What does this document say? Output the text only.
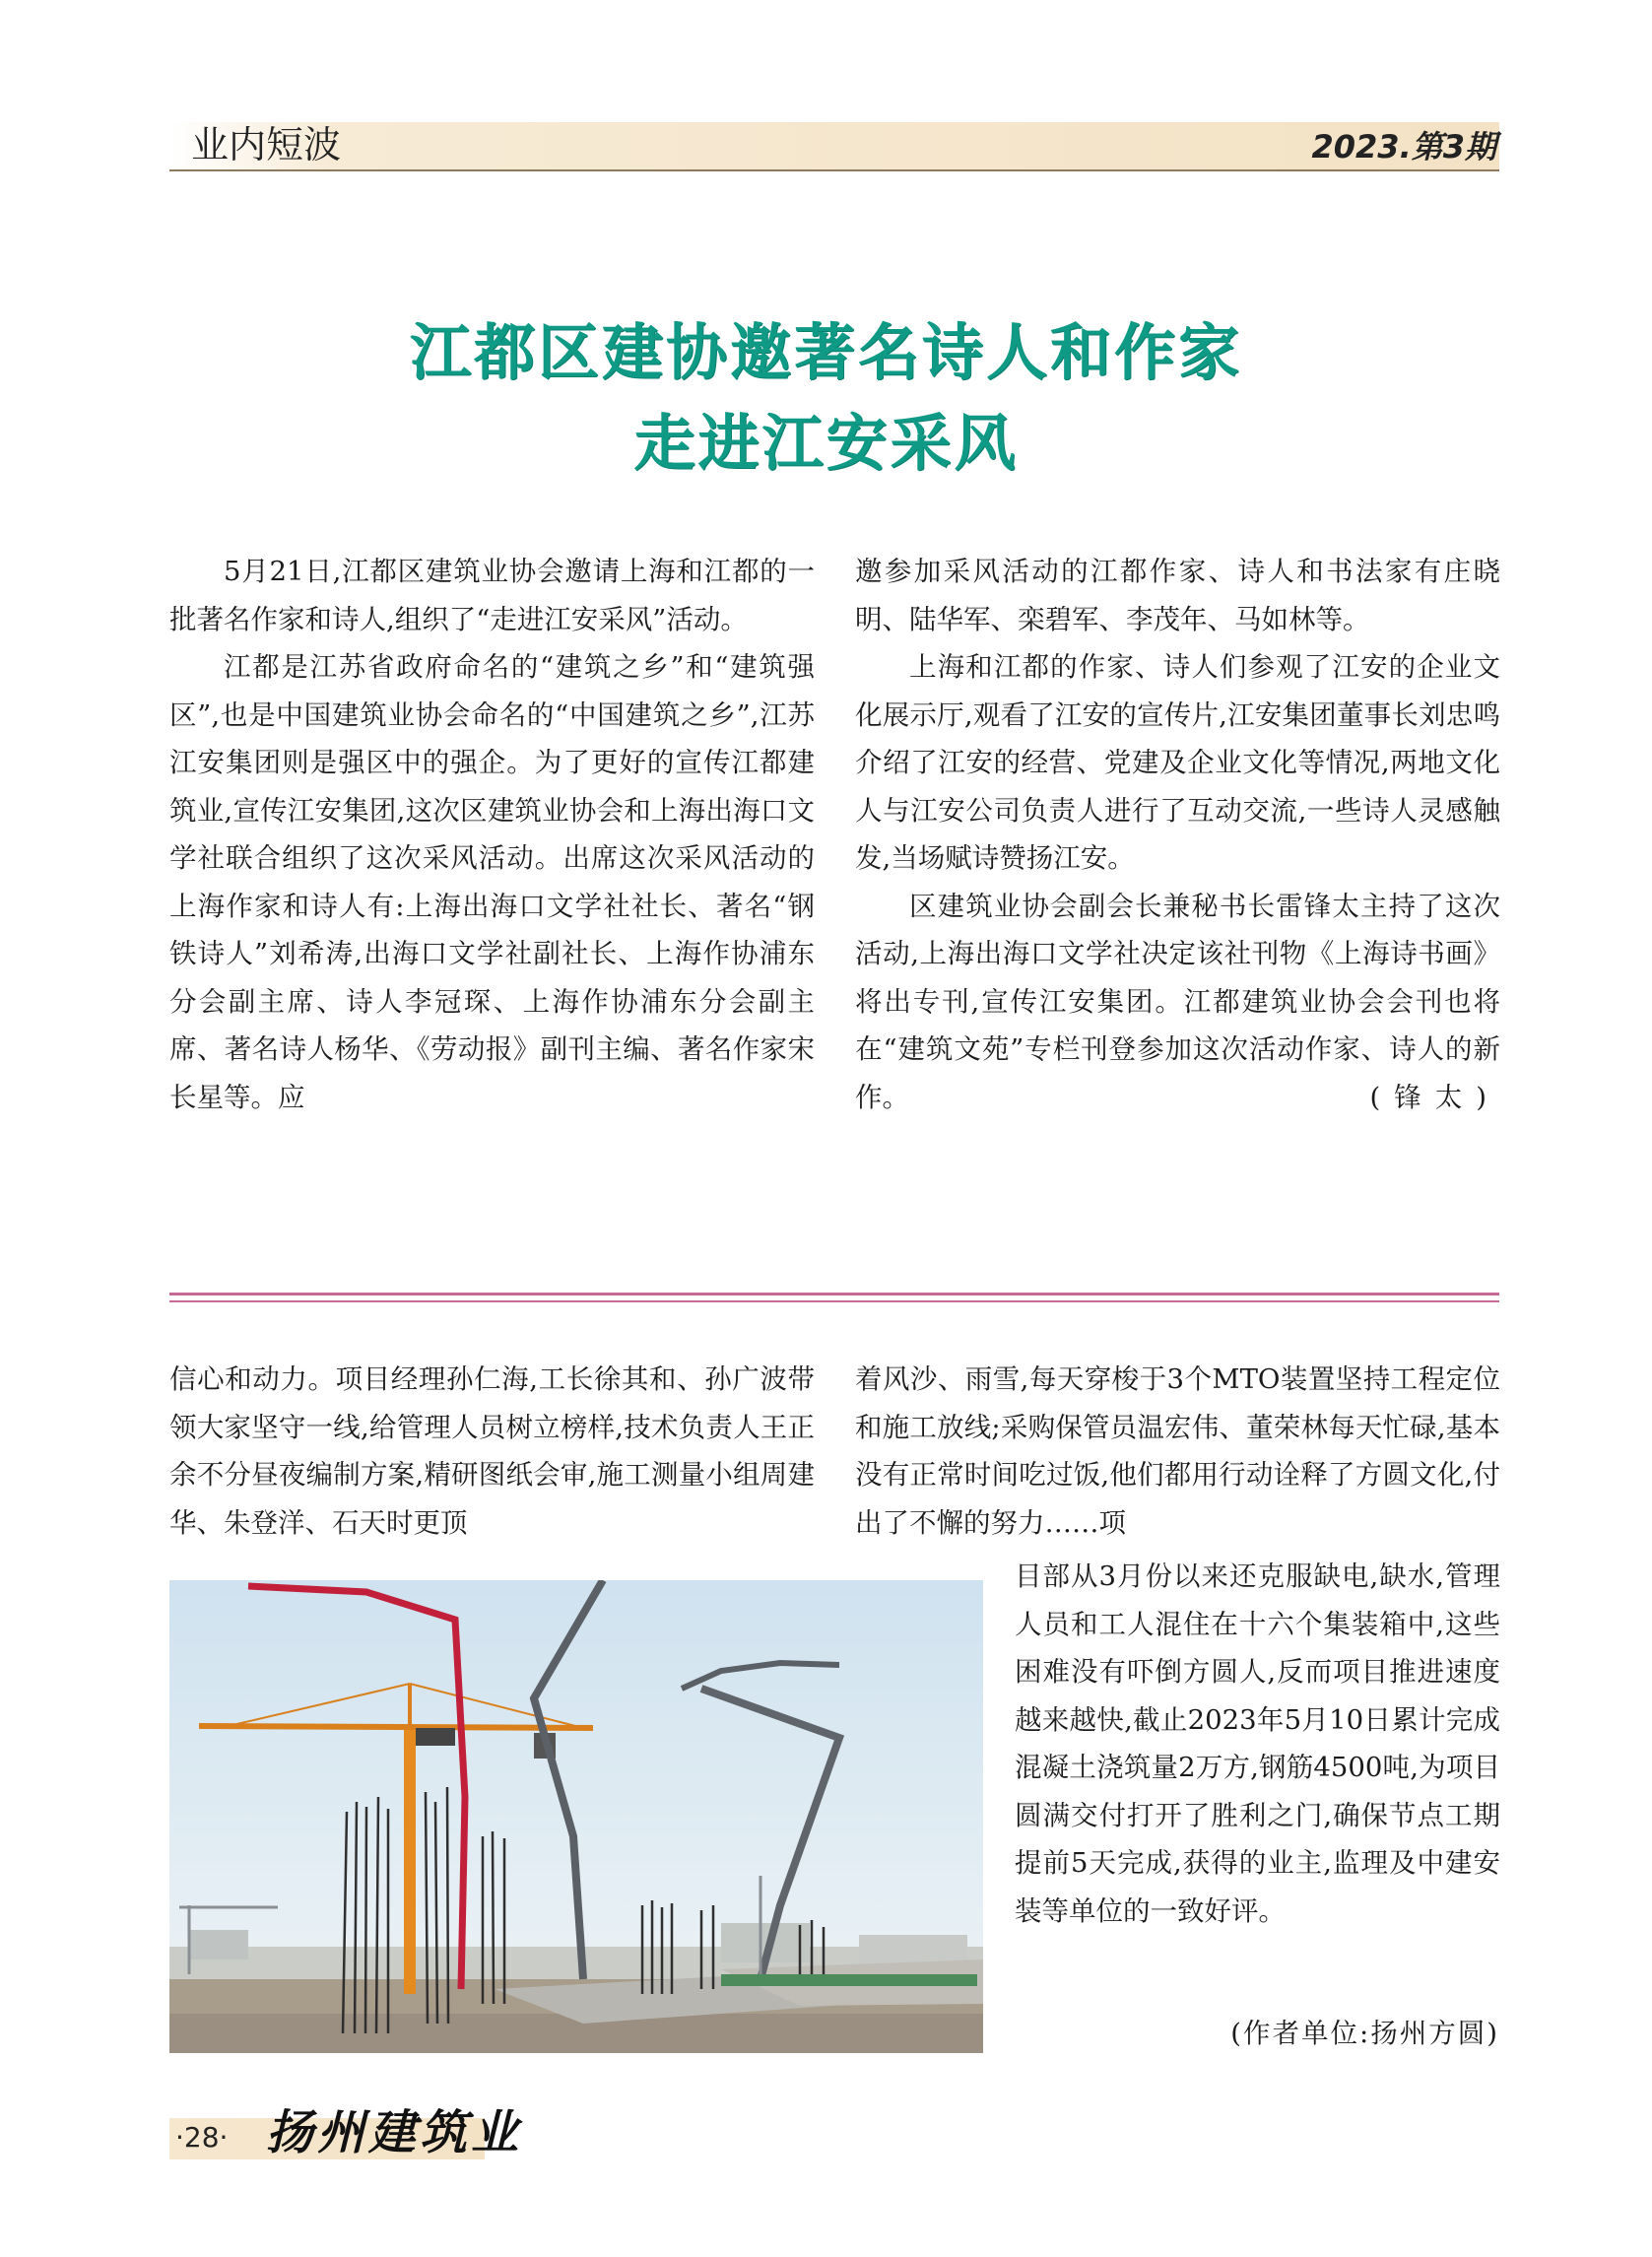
业内短波	2023.第3期
江都区建协邀著名诗人和作家
走进江安采风

5月21日,江都区建筑业协会邀请上海和江都的一批著名作家和诗人,组织了“走进江安采风”活动。

江都是江苏省政府命名的“建筑之乡”和“建筑强区”,也是中国建筑业协会命名的“中国建筑之乡”,江苏江安集团则是强区中的强企。为了更好的宣传江都建筑业,宣传江安集团,这次区建筑业协会和上海出海口文学社联合组织了这次采风活动。出席这次采风活动的上海作家和诗人有:上海出海口文学社社长、著名“钢铁诗人”刘希涛,出海口文学社副社长、上海作协浦东分会副主席、诗人李冠琛、上海作协浦东分会副主席、著名诗人杨华、《劳动报》副刊主编、著名作家宋长星等。应

邀参加采风活动的江都作家、诗人和书法家有庄晓明、陆华军、栾碧军、李茂年、马如林等。

上海和江都的作家、诗人们参观了江安的企业文化展示厅,观看了江安的宣传片,江安集团董事长刘忠鸣介绍了江安的经营、党建及企业文化等情况,两地文化人与江安公司负责人进行了互动交流,一些诗人灵感触发,当场赋诗赞扬江安。

区建筑业协会副会长兼秘书长雷锋太主持了这次活动,上海出海口文学社决定该社刊物《上海诗书画》将出专刊,宣传江安集团。江都建筑业协会会刊也将在“建筑文苑”专栏刊登参加这次活动作家、诗人的新作。	(锋太)

信心和动力。项目经理孙仁海,工长徐其和、孙广波带领大家坚守一线,给管理人员树立榜样,技术负责人王正余不分昼夜编制方案,精研图纸会审,施工测量小组周建华、朱登洋、石天时更顶

着风沙、雨雪,每天穿梭于3个MTO装置坚持工程定位和施工放线;采购保管员温宏伟、董荣林每天忙碌,基本没有正常时间吃过饭,他们都用行动诠释了方圆文化,付出了不懈的努力……项

目部从3月份以来还克服缺电,缺水,管理人员和工人混住在十六个集装箱中,这些困难没有吓倒方圆人,反而项目推进速度越来越快,截止2023年5月10日累计完成混凝土浇筑量2万方,钢筋4500吨,为项目圆满交付打开了胜利之门,确保节点工期提前5天完成,获得的业主,监理及中建安装等单位的一致好评。

(作者单位:扬州方圆)
·28· 扬州建筑业
